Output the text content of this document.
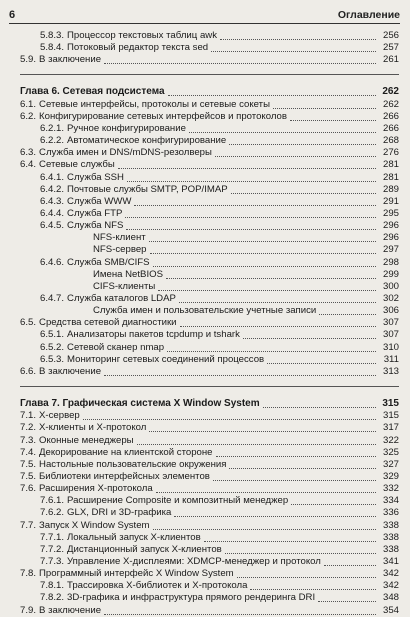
6	Оглавление
5.8.3. Процессор текстовых таблиц awk	256
5.8.4. Потоковый редактор текста sed	257
5.9. В заключение	261
Глава 6. Сетевая подсистема	262
6.1. Сетевые интерфейсы, протоколы и сетевые сокеты	262
6.2. Конфигурирование сетевых интерфейсов и протоколов	266
6.2.1. Ручное конфигурирование	266
6.2.2. Автоматическое конфигурирование	268
6.3. Служба имен и DNS/mDNS-резолверы	276
6.4. Сетевые службы	281
6.4.1. Служба SSH	281
6.4.2. Почтовые службы SMTP, POP/IMAP	289
6.4.3. Служба WWW	291
6.4.4. Служба FTP	295
6.4.5. Служба NFS	296
NFS-клиент	296
NFS-сервер	297
6.4.6. Служба SMB/CIFS	298
Имена NetBIOS	299
CIFS-клиенты	300
6.4.7. Служба каталогов LDAP	302
Служба имен и пользовательские учетные записи	306
6.5. Средства сетевой диагностики	307
6.5.1. Анализаторы пакетов tcpdump и tshark	307
6.5.2. Сетевой сканер nmap	310
6.5.3. Мониторинг сетевых соединений процессов	311
6.6. В заключение	313
Глава 7. Графическая система X Window System	315
7.1. X-сервер	315
7.2. X-клиенты и X-протокол	317
7.3. Оконные менеджеры	322
7.4. Декорирование на клиентской стороне	325
7.5. Настольные пользовательские окружения	327
7.5. Библиотеки интерфейсных элементов	329
7.6. Расширения X-протокола	332
7.6.1. Расширение Composite и композитный менеджер	334
7.6.2. GLX, DRI и 3D-графика	336
7.7. Запуск X Window System	338
7.7.1. Локальный запуск X-клиентов	338
7.7.2. Дистанционный запуск X-клиентов	338
7.7.3. Управление X-дисплеями: XDMCP-менеджер и протокол	341
7.8. Программный интерфейс X Window System	342
7.8.1. Трассировка X-библиотек и X-протокола	342
7.8.2. 3D-графика и инфраструктура прямого рендеринга DRI	348
7.9. В заключение	354
